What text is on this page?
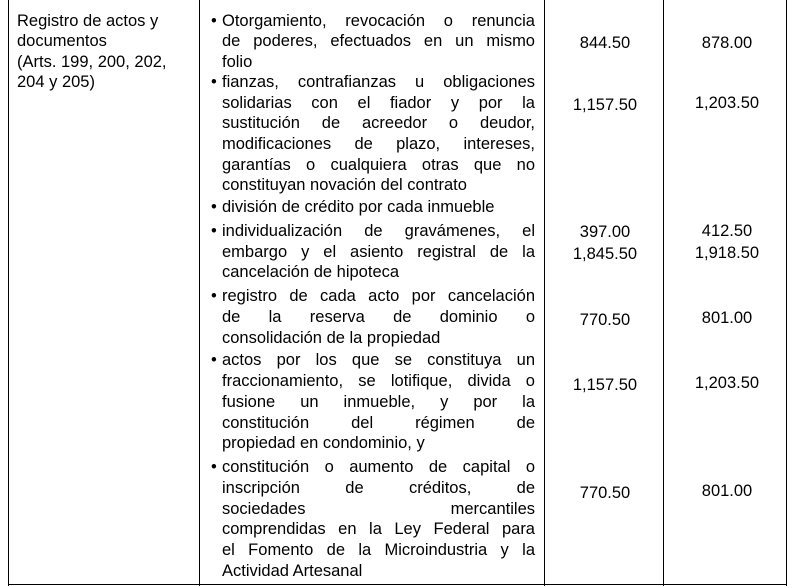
Registro de actos y
documentos
(Arts. 199, 200, 202,
204 y 205)
• Otorgamiento, revocación o renuncia
de poderes, efectuados en un mismo
folio
844.50	878.00
• fianzas, contrafianzas u obligaciones
solidarias con el fiador y por la
sustitución de acreedor o deudor,
modificaciones de plazo, intereses,
garantías o cualquiera otras que no
constituyan novación del contrato
1,157.50	1,203.50
• división de crédito por cada inmueble
397.00	412.50
• individualización de gravámenes, el
embargo y el asiento registral de la
cancelación de hipoteca
1,845.50	1,918.50
• registro de cada acto por cancelación
de la reserva de dominio o
consolidación de la propiedad
770.50	801.00
• actos por los que se constituya un
fraccionamiento, se lotifique, divida o
fusione un inmueble, y por la
constitución del régimen de
propiedad en condominio, y
1,157.50	1,203.50
• constitución o aumento de capital o
inscripción de créditos, de
sociedades mercantiles
comprendidas en la Ley Federal para
el Fomento de la Microindustria y la
Actividad Artesanal
770.50	801.00
